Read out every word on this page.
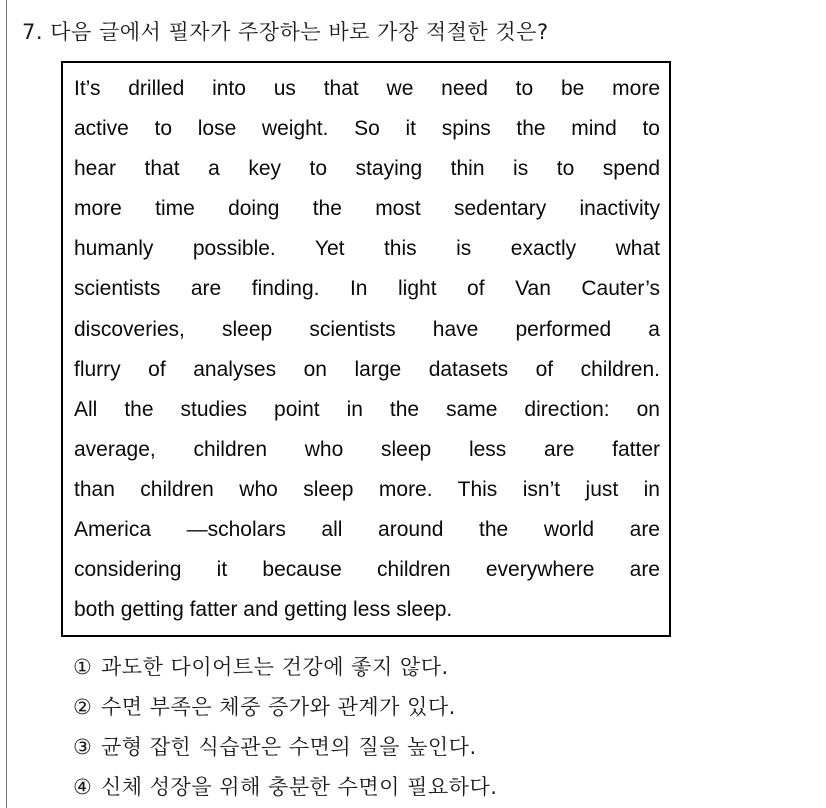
7. 다음 글에서 필자가 주장하는 바로 가장 적절한 것은?
It’s drilled into us that we need to be more
active to lose weight. So it spins the mind to
hear that a key to staying thin is to spend
more time doing the most sedentary inactivity
humanly possible. Yet this is exactly what
scientists are finding. In light of Van Cauter’s
discoveries, sleep scientists have performed a
flurry of analyses on large datasets of children.
All the studies point in the same direction: on
average, children who sleep less are fatter
than children who sleep more. This isn’t just in
America —scholars all around the world are
considering it because children everywhere are
both getting fatter and getting less sleep.
① 과도한 다이어트는 건강에 좋지 않다.
② 수면 부족은 체중 증가와 관계가 있다.
③ 균형 잡힌 식습관은 수면의 질을 높인다.
④ 신체 성장을 위해 충분한 수면이 필요하다.
